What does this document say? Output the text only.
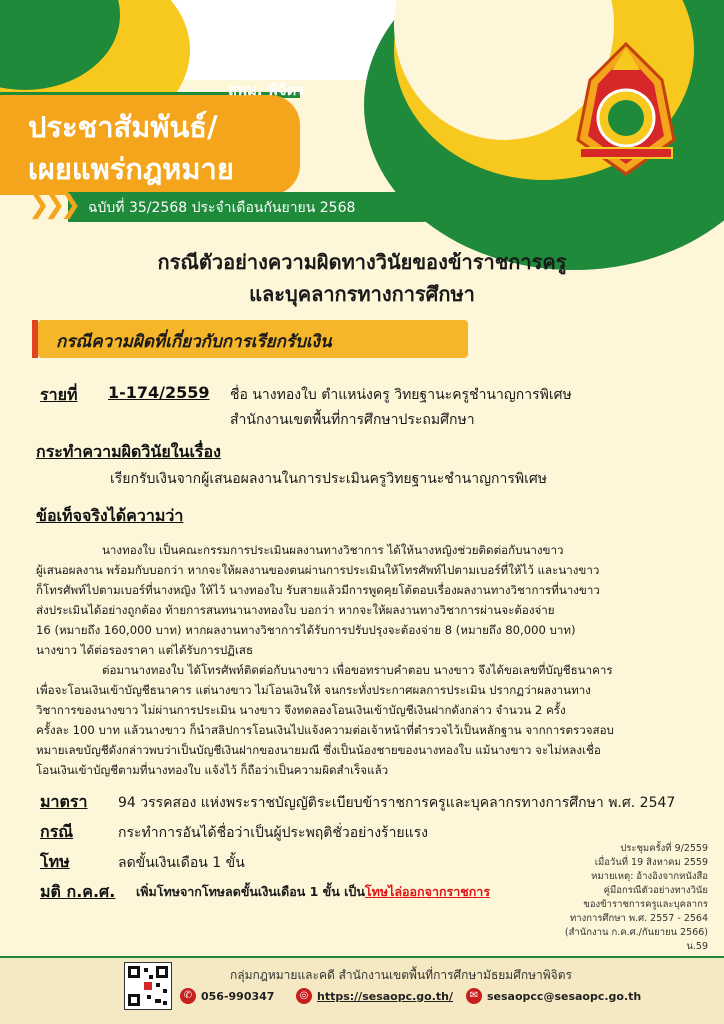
สพม. พิจิตร
ประชาสัมพันธ์/
เผยแพร่กฎหมาย
❯❯❯ ฉบับที่ 35/2568 ประจำเดือนกันยายน 2568
กรณีตัวอย่างความผิดทางวินัยของข้าราชการครู
และบุคลากรทางการศึกษา
กรณีความผิดที่เกี่ยวกับการเรียกรับเงิน
รายที่ 1-174/2559 ชื่อ นางทองใบ ตำแหน่งครู วิทยฐานะครูชำนาญการพิเศษ
สำนักงานเขตพื้นที่การศึกษาประถมศึกษา
กระทำความผิดวินัยในเรื่อง
เรียกรับเงินจากผู้เสนอผลงานในการประเมินครูวิทยฐานะชำนาญการพิเศษ
ข้อเท็จจริงได้ความว่า
นางทองใบ เป็นคณะกรรมการประเมินผลงานทางวิชาการ ได้ให้นางหญิงช่วยติดต่อกับนางขาว
ผู้เสนอผลงาน พร้อมกับบอกว่า หากจะให้ผลงานของตนผ่านการประเมินให้โทรศัพท์ไปตามเบอร์ที่ให้ไว้ และนางขาว
ก็โทรศัพท์ไปตามเบอร์ที่นางหญิง ให้ไว้ นางทองใบ รับสายแล้วมีการพูดคุยโต้ตอบเรื่องผลงานทางวิชาการที่นางขาว
ส่งประเมินได้อย่างถูกต้อง ท้ายการสนทนานางทองใบ บอกว่า หากจะให้ผลงานทางวิชาการผ่านจะต้องจ่าย
16 (หมายถึง 160,000 บาท) หากผลงานทางวิชาการได้รับการปรับปรุงจะต้องจ่าย 8 (หมายถึง 80,000 บาท)
นางขาว ได้ต่อรองราคา แต่ได้รับการปฏิเสธ
ต่อมานางทองใบ ได้โทรศัพท์ติดต่อกับนางขาว เพื่อขอทราบคำตอบ นางขาว จึงได้ขอเลขที่บัญชีธนาคาร
เพื่อจะโอนเงินเข้าบัญชีธนาคาร แต่นางขาว ไม่โอนเงินให้ จนกระทั่งประกาศผลการประเมิน ปรากฏว่าผลงานทาง
วิชาการของนางขาว ไม่ผ่านการประเมิน นางขาว จึงทดลองโอนเงินเข้าบัญชีเงินฝากดังกล่าว จำนวน 2 ครั้ง
ครั้งละ 100 บาท แล้วนางขาว ก็นำสลิปการโอนเงินไปแจ้งความต่อเจ้าหน้าที่ตำรวจไว้เป็นหลักฐาน จากการตรวจสอบ
หมายเลขบัญชีดังกล่าวพบว่าเป็นบัญชีเงินฝากของนายมณี ซึ่งเป็นน้องชายของนางทองใบ แม้นางขาว จะไม่หลงเชื่อ
โอนเงินเข้าบัญชีตามที่นางทองใบ แจ้งไว้ ก็ถือว่าเป็นความผิดสำเร็จแล้ว
มาตรา 94 วรรคสอง แห่งพระราชบัญญัติระเบียบข้าราชการครูและบุคลากรทางการศึกษา พ.ศ. 2547
กรณี	กระทำการอันได้ชื่อว่าเป็นผู้ประพฤติชั่วอย่างร้ายแรง
โทษ	ลดขั้นเงินเดือน 1 ขั้น
มติ ก.ค.ศ. เพิ่มโทษจากโทษลดขั้นเงินเดือน 1 ขั้น เป็นโทษไล่ออกจากราชการ
ประชุมครั้งที่ 9/2559
เมื่อวันที่ 19 สิงหาคม 2559
หมายเหตุ: อ้างอิงจากหนังสือ
คู่มือกรณีตัวอย่างทางวินัย
ของข้าราชการครูและบุคลากร
ทางการศึกษา พ.ศ. 2557 - 2564
(สำนักงาน ก.ค.ศ./กันยายน 2566) น.59
กลุ่มกฎหมายและคดี สำนักงานเขตพื้นที่การศึกษามัธยมศึกษาพิจิตร
✆ 056-990347	◎ https://sesaopc.go.th/	✉ sesaopcc@sesaopc.go.th
